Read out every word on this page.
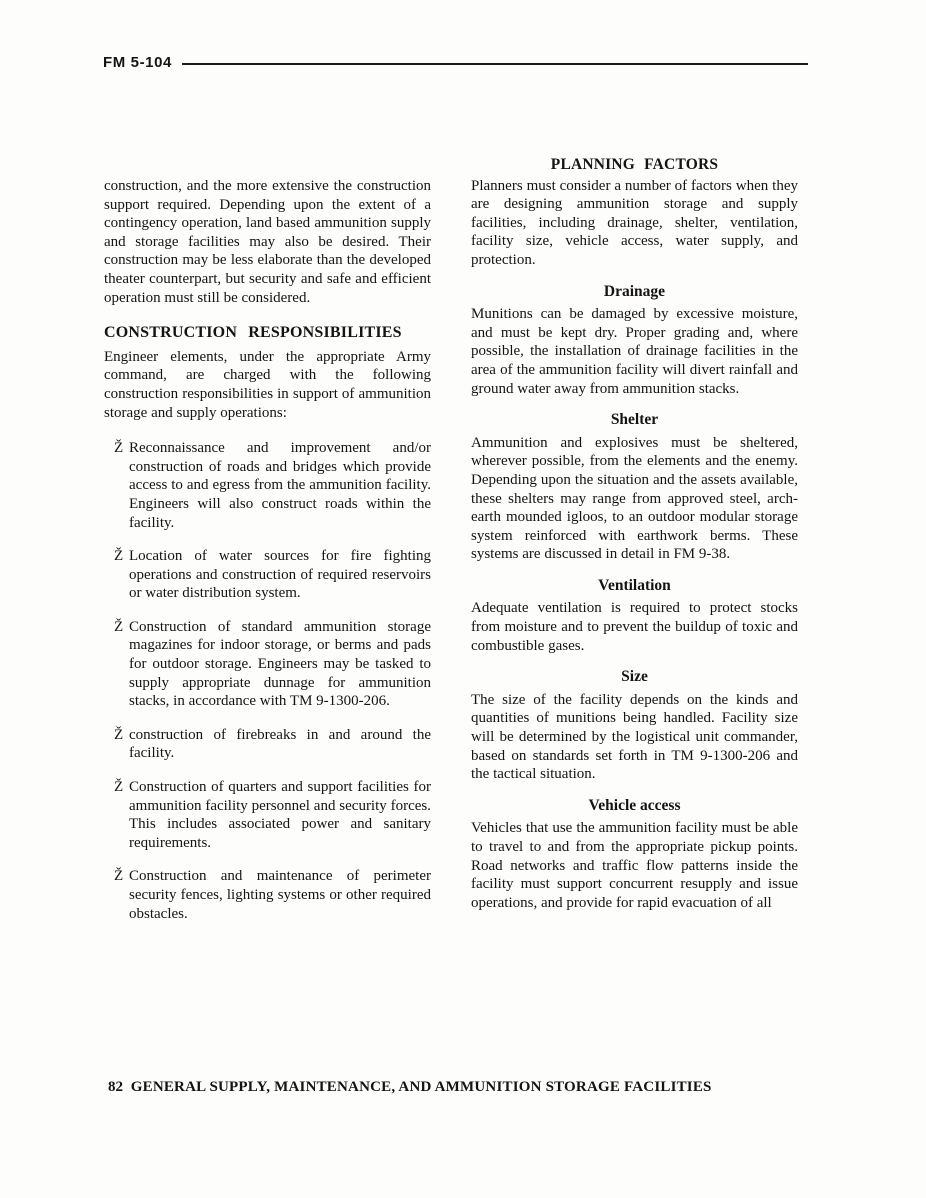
FM 5-104

construction, and the more extensive the construction support required. Depending upon the extent of a contingency operation, land based ammunition supply and storage facilities may also be desired. Their construction may be less elaborate than the developed theater counterpart, but security and safe and efficient operation must still be considered.

CONSTRUCTION RESPONSIBILITIES

Engineer elements, under the appropriate Army command, are charged with the following construction responsibilities in support of ammunition storage and supply operations:

Ž Reconnaissance and improvement and/or construction of roads and bridges which provide access to and egress from the ammunition facility. Engineers will also construct roads within the facility.
Ž Location of water sources for fire fighting operations and construction of required reservoirs or water distribution system.
Ž Construction of standard ammunition storage magazines for indoor storage, or berms and pads for outdoor storage. Engineers may be tasked to supply appropriate dunnage for ammunition stacks, in accordance with TM 9-1300-206.
Ž construction of firebreaks in and around the facility.
Ž Construction of quarters and support facilities for ammunition facility personnel and security forces. This includes associated power and sanitary requirements.
Ž Construction and maintenance of perimeter security fences, lighting systems or other required obstacles.
PLANNING FACTORS

Planners must consider a number of factors when they are designing ammunition storage and supply facilities, including drainage, shelter, ventilation, facility size, vehicle access, water supply, and protection.

Drainage

Munitions can be damaged by excessive moisture, and must be kept dry. Proper grading and, where possible, the installation of drainage facilities in the area of the ammunition facility will divert rainfall and ground water away from ammunition stacks.

Shelter

Ammunition and explosives must be sheltered, wherever possible, from the elements and the enemy. Depending upon the situation and the assets available, these shelters may range from approved steel, arch-earth mounded igloos, to an outdoor modular storage system reinforced with earthwork berms. These systems are discussed in detail in FM 9-38.

Ventilation

Adequate ventilation is required to protect stocks from moisture and to prevent the buildup of toxic and combustible gases.

Size

The size of the facility depends on the kinds and quantities of munitions being handled. Facility size will be determined by the logistical unit commander, based on standards set forth in TM 9-1300-206 and the tactical situation.

Vehicle access

Vehicles that use the ammunition facility must be able to travel to and from the appropriate pickup points. Road networks and traffic flow patterns inside the facility must support concurrent resupply and issue operations, and provide for rapid evacuation of all

82 GENERAL SUPPLY, MAINTENANCE, AND AMMUNITION STORAGE FACILITIES
